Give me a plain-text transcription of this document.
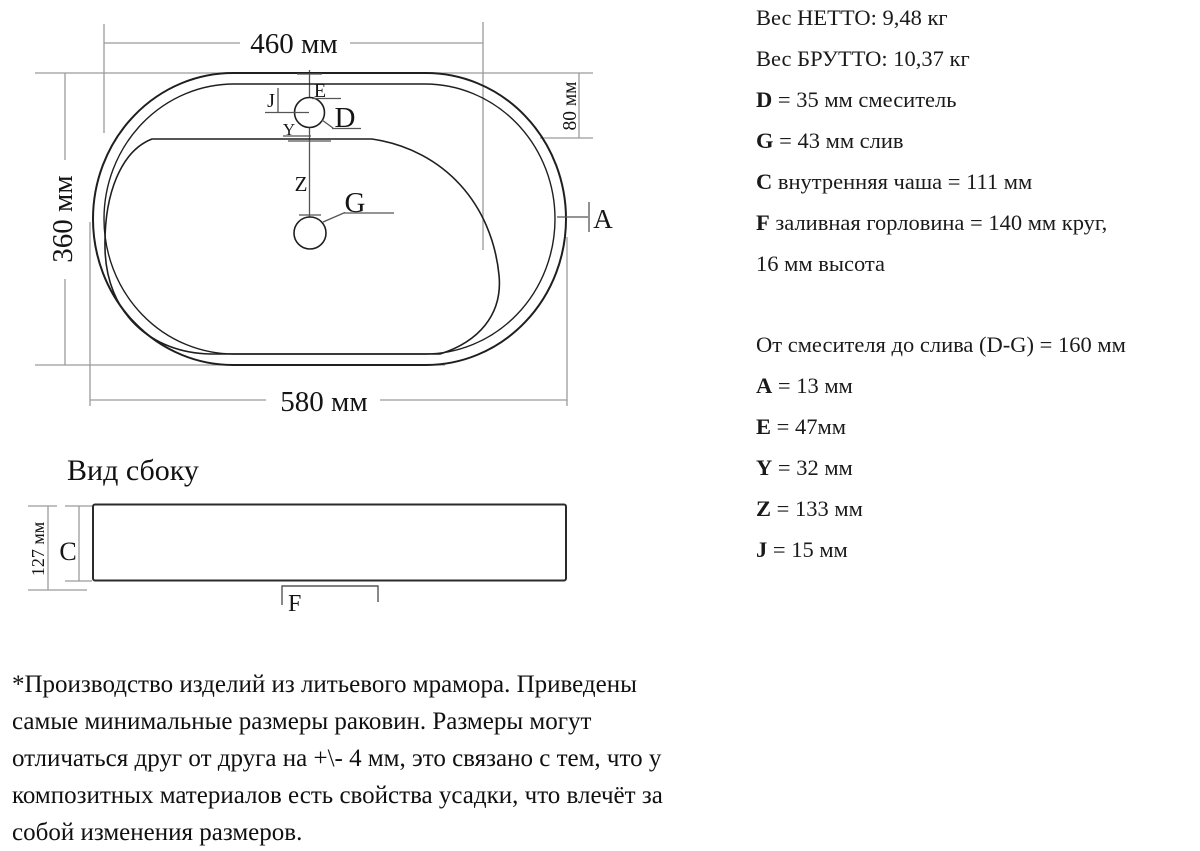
460 мм
360 мм
580 мм
80 мм
J E
D
Y
Z
G	A
127 мм C
F
Вид сбоку
Вес НЕТТО: 9,48 кг
Вес БРУТТО: 10,37 кг
D = 35 мм смеситель
G = 43 мм слив
C внутренняя чаша = 111 мм
F заливная горловина = 140 мм круг,
16 мм высота
От смесителя до слива (D-G) = 160 мм
A = 13 мм
E = 47мм
Y = 32 мм
Z = 133 мм
J = 15 мм
*Производство изделий из литьевого мрамора. Приведены
самые минимальные размеры раковин. Размеры могут
отличаться друг от друга на +\- 4 мм, это связано с тем, что у
композитных материалов есть свойства усадки, что влечёт за
собой изменения размеров.
